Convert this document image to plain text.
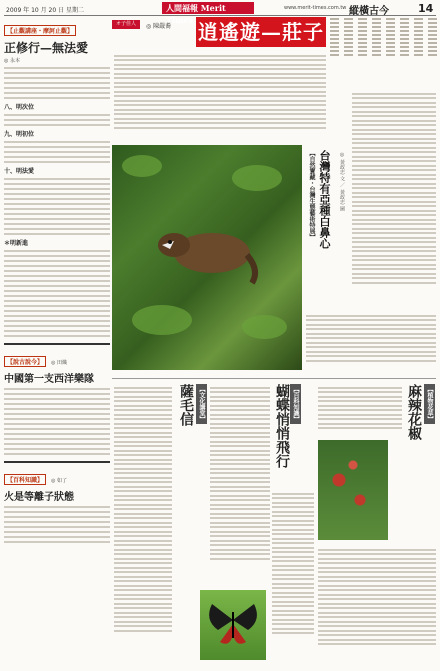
2009 年 10 月 20 日 星期二	人間福報 Merit Times
www.merit-times.com.tw 縱橫古今	14
【止觀講座・摩訶止觀】
正修行—無法愛
◎ 永本
八、明次位
九、明初位
十、明法愛
＊明新進
【說古說今】 ◎ 田熾
中國第一支西洋樂隊
【百科知識】 ◎ 如了
火是等離子狀態
オ子佳人	◎ 陳嚴蕎 逍遙遊—莊子
【自然寶藏・台灣生態藝術特展】 台灣特有亞種白鼻心	◎ 黃政忠 文 ／ 黃政忠 圖
【文化講堂】
薩毛信	【百科知識】
蝴蝶悄悄飛行	【植物花草】
麻辣花椒
